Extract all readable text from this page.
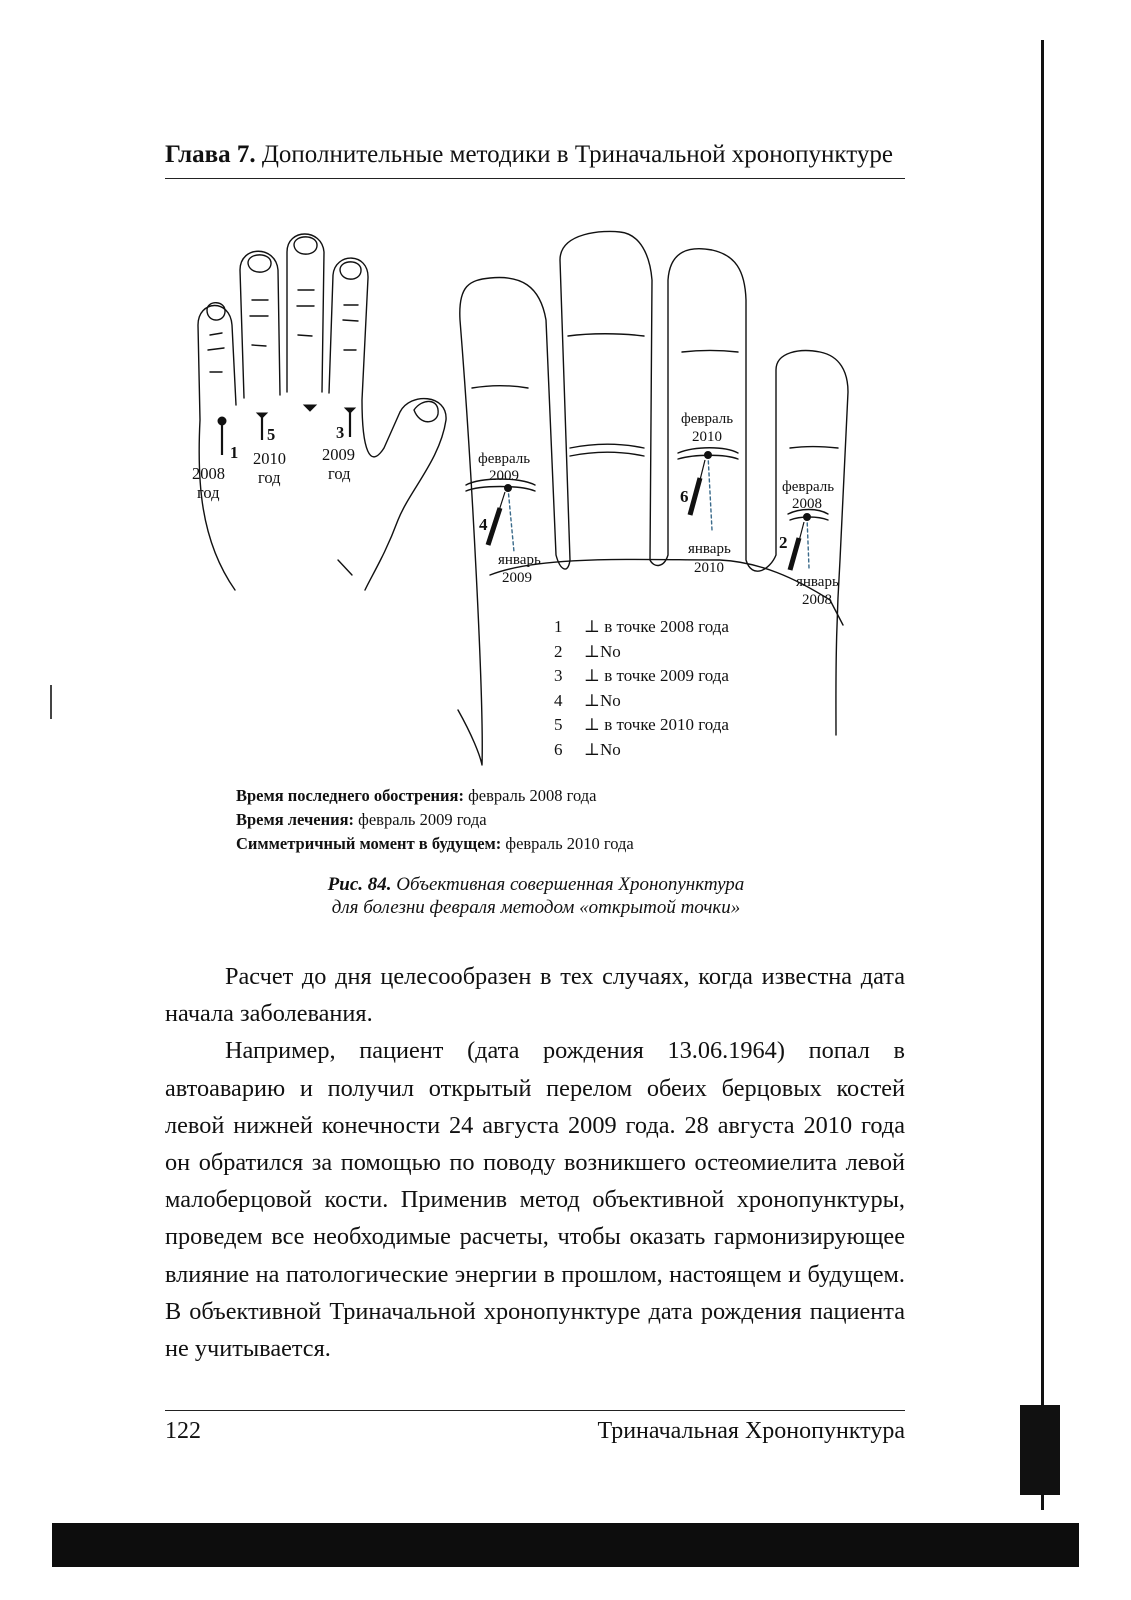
Глава 7. Дополнительные методики в Триначальной хронопунктуре
1
2008
год
5
2010
год
3
2009
год
февраль
2009
январь
2009
февраль
2010
январь
2010
февраль
2008
январь
2008
4
6
2
1 ⊥ в точке 2008 года
2 ⊥No
3 ⊥ в точке 2009 года
4 ⊥No
5 ⊥ в точке 2010 года
6 ⊥No
Время последнего обострения: февраль 2008 года
Время лечения: февраль 2009 года
Симметричный момент в будущем: февраль 2010 года
Рис. 84. Объективная совершенная Хронопунктура
для болезни февраля методом «открытой точки»

Расчет до дня целесообразен в тех случаях, когда известна дата начала заболевания.

Например, пациент (дата рождения 13.06.1964) попал в автоаварию и получил открытый перелом обеих берцовых костей левой нижней конечности 24 августа 2009 года. 28 августа 2010 года он обратился за помощью по поводу возникшего остеомиелита левой малоберцовой кости. Применив метод объективной хронопунктуры, проведем все необходимые расчеты, чтобы оказать гармонизирующее влияние на патологические энергии в прошлом, настоящем и будущем. В объективной Триначальной хронопунктуре дата рождения пациента не учитывается.

122	Триначальная Хронопунктура
